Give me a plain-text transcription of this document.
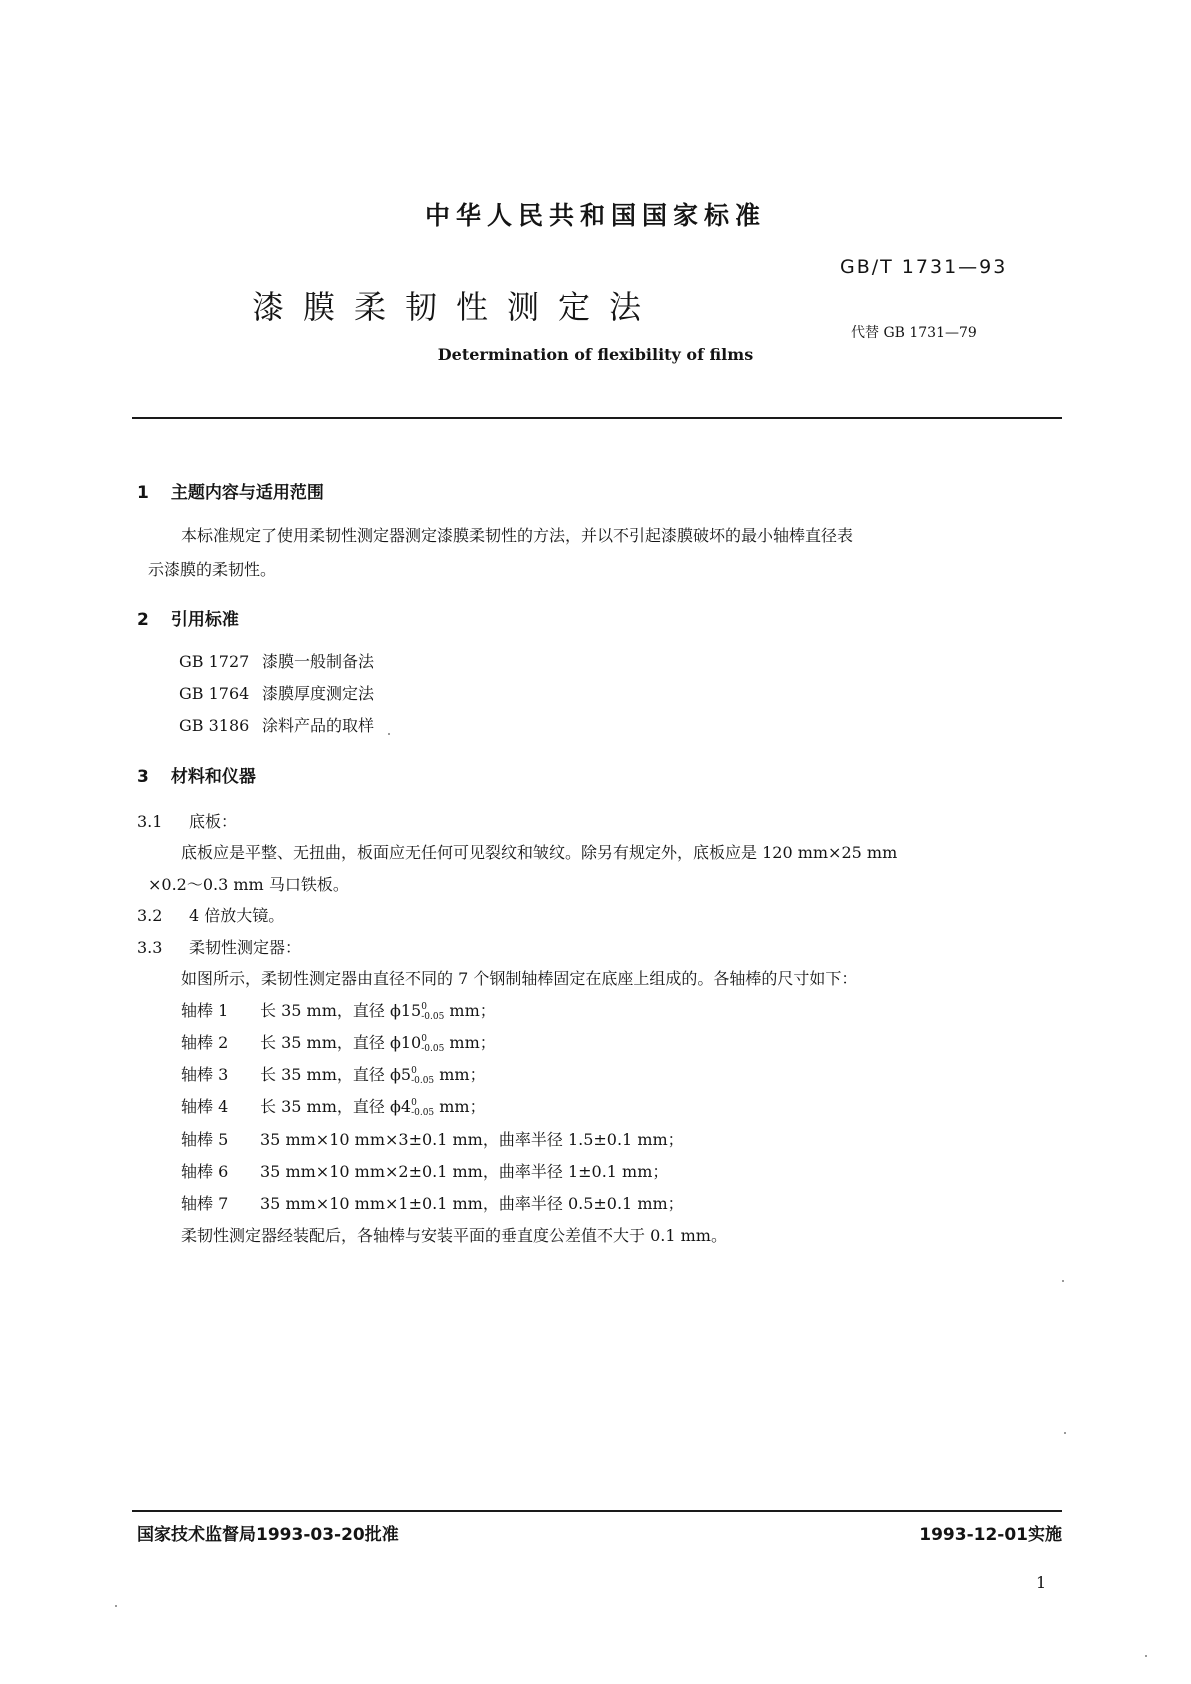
中华人民共和国国家标准
GB/T 1731—93
漆膜柔韧性测定法
代替 GB 1731—79
Determination of flexibility of films
1 主题内容与适用范围
本标准规定了使用柔韧性测定器测定漆膜柔韧性的方法，并以不引起漆膜破坏的最小轴棒直径表
示漆膜的柔韧性。
2 引用标准
GB 1727 漆膜一般制备法
GB 1764 漆膜厚度测定法
GB 3186 涂料产品的取样
3 材料和仪器
3.1 底板：
底板应是平整、无扭曲，板面应无任何可见裂纹和皱纹。除另有规定外，底板应是 120 mm×25 mm
×0.2～0.3 mm 马口铁板。
3.2 4 倍放大镜。
3.3 柔韧性测定器：
如图所示，柔韧性测定器由直径不同的 7 个钢制轴棒固定在底座上组成的。各轴棒的尺寸如下：
轴棒 1 长 35 mm，直径 ϕ15 0
-0.05 mm；
轴棒 2 长 35 mm，直径 ϕ10 0
-0.05 mm；
轴棒 3 长 35 mm，直径 ϕ5 0
-0.05 mm；
轴棒 4 长 35 mm，直径 ϕ4 0
-0.05 mm；
轴棒 5 35 mm×10 mm×3±0.1 mm，曲率半径 1.5±0.1 mm；
轴棒 6 35 mm×10 mm×2±0.1 mm，曲率半径 1±0.1 mm；
轴棒 7 35 mm×10 mm×1±0.1 mm，曲率半径 0.5±0.1 mm；
柔韧性测定器经装配后，各轴棒与安装平面的垂直度公差值不大于 0.1 mm。
国家技术监督局1993-03-20批准	1993-12-01实施
1
